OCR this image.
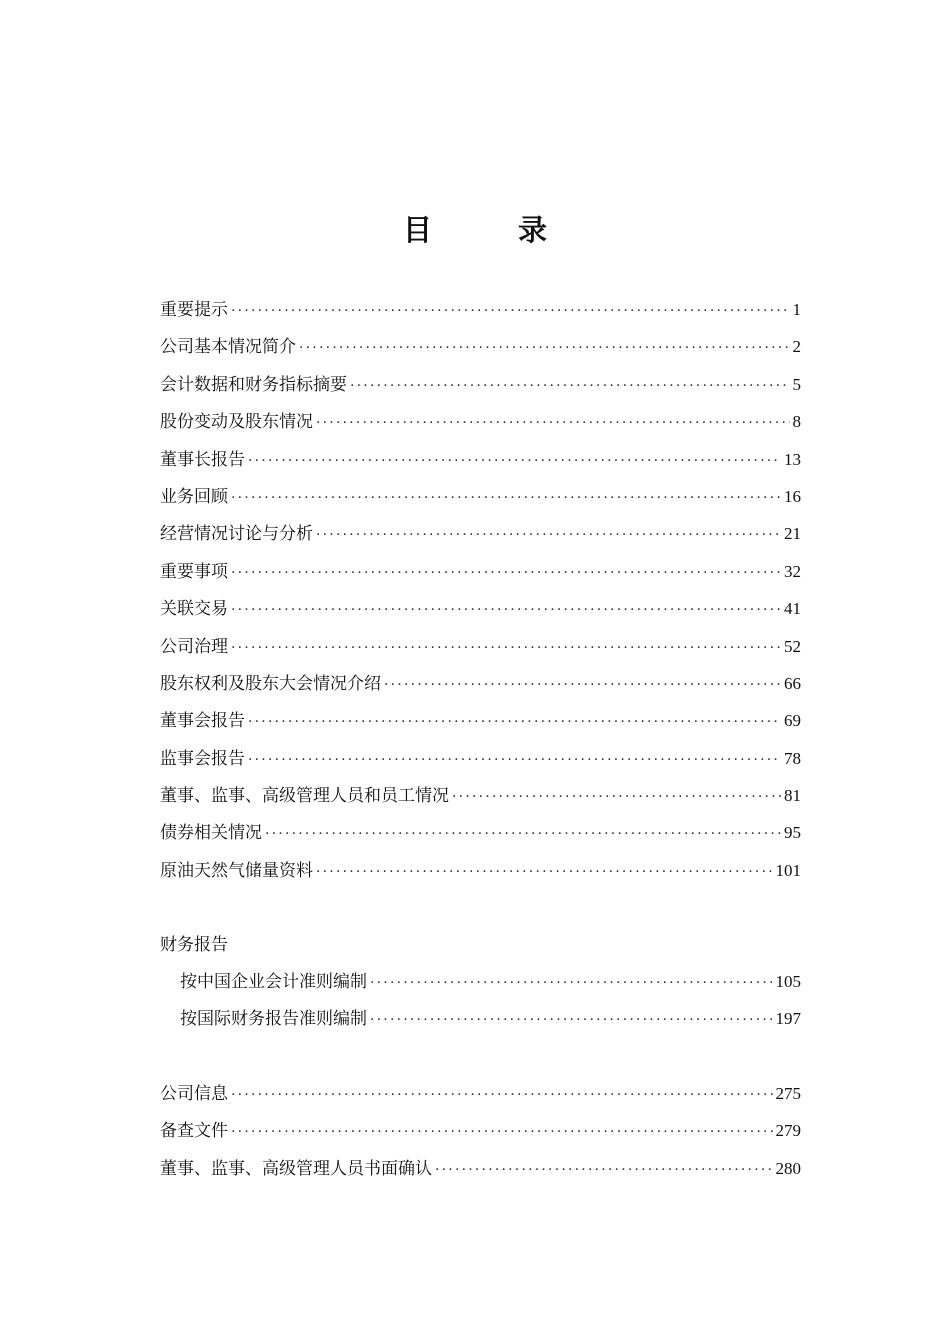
目 录
重要提示 ·····	1
公司基本情况简介 ·····	2
会计数据和财务指标摘要 ·····	5
股份变动及股东情况 ·····	8
董事长报告 ·····	13
业务回顾 ·····	16
经营情况讨论与分析 ·····	21
重要事项 ·····	32
关联交易 ·····	41
公司治理 ·····	52
股东权利及股东大会情况介绍 ·····	66
董事会报告 ·····	69
监事会报告 ·····	78
董事、监事、高级管理人员和员工情况 ·····	81
债券相关情况 ·····	95
原油天然气储量资料 ·····	101
财务报告
按中国企业会计准则编制 ·····	105
按国际财务报告准则编制 ·····	197
公司信息 ·····	275
备查文件 ·····	279
董事、监事、高级管理人员书面确认 ·····	280
